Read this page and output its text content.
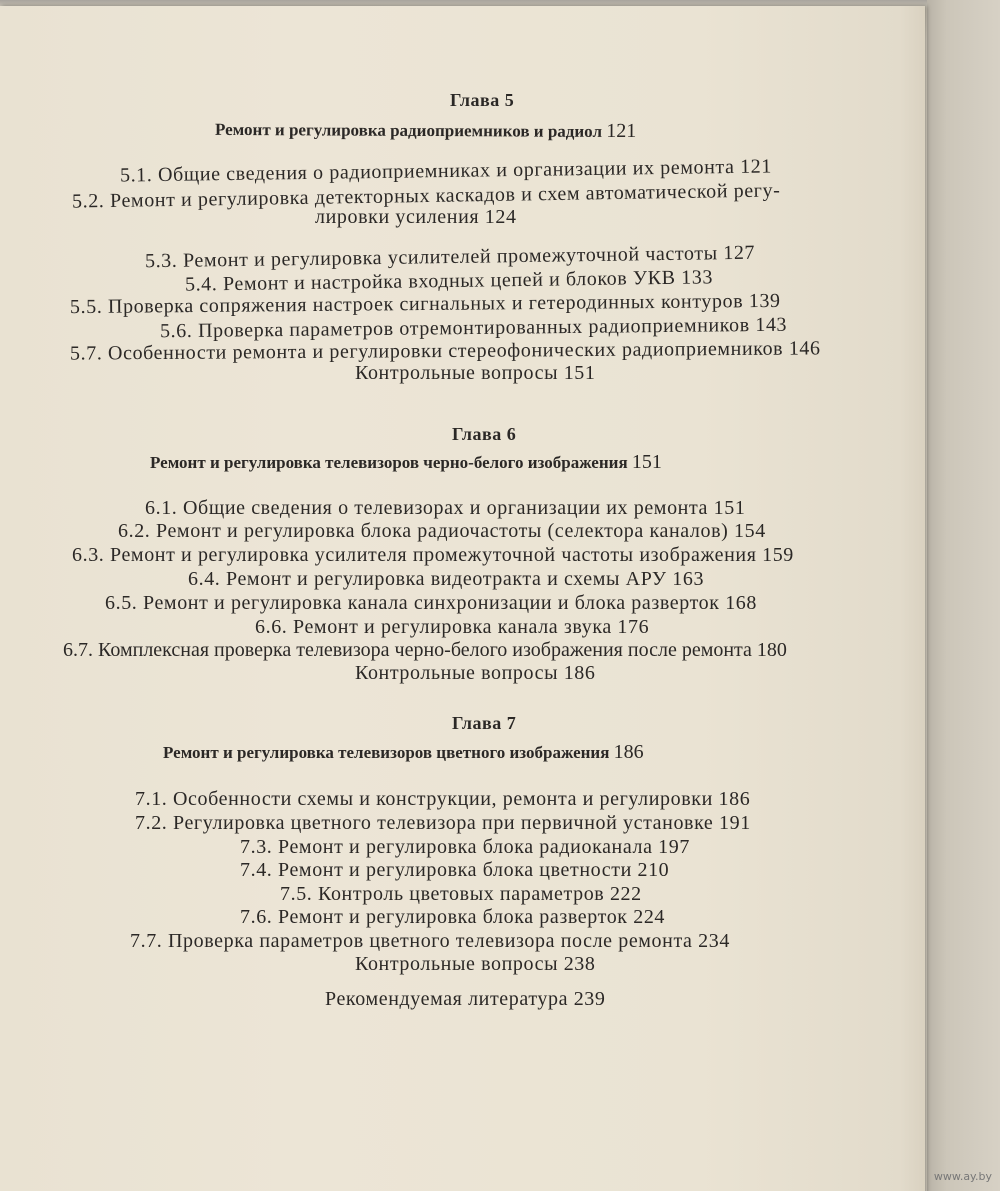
Глава 5
Ремонт и регулировка радиоприемников и радиол 121
5.1. Общие сведения о радиоприемниках и организации их ремонта 121
5.2. Ремонт и регулировка детекторных каскадов и схем автоматической регу-
лировки усиления 124
5.3. Ремонт и регулировка усилителей промежуточной частоты 127
5.4. Ремонт и настройка входных цепей и блоков УКВ 133
5.5. Проверка сопряжения настроек сигнальных и гетеродинных контуров 139
5.6. Проверка параметров отремонтированных радиоприемников 143
5.7. Особенности ремонта и регулировки стереофонических радиоприемников 146
Контрольные вопросы 151
Глава 6
Ремонт и регулировка телевизоров черно-белого изображения 151
6.1. Общие сведения о телевизорах и организации их ремонта 151
6.2. Ремонт и регулировка блока радиочастоты (селектора каналов) 154
6.3. Ремонт и регулировка усилителя промежуточной частоты изображения 159
6.4. Ремонт и регулировка видеотракта и схемы АРУ 163
6.5. Ремонт и регулировка канала синхронизации и блока разверток 168
6.6. Ремонт и регулировка канала звука 176
6.7. Комплексная проверка телевизора черно-белого изображения после ремонта 180
Контрольные вопросы 186
Глава 7
Ремонт и регулировка телевизоров цветного изображения 186
7.1. Особенности схемы и конструкции, ремонта и регулировки 186
7.2. Регулировка цветного телевизора при первичной установке 191
7.3. Ремонт и регулировка блока радиоканала 197
7.4. Ремонт и регулировка блока цветности 210
7.5. Контроль цветовых параметров 222
7.6. Ремонт и регулировка блока разверток 224
7.7. Проверка параметров цветного телевизора после ремонта 234
Контрольные вопросы 238
Рекомендуемая литература 239
www.ay.by
